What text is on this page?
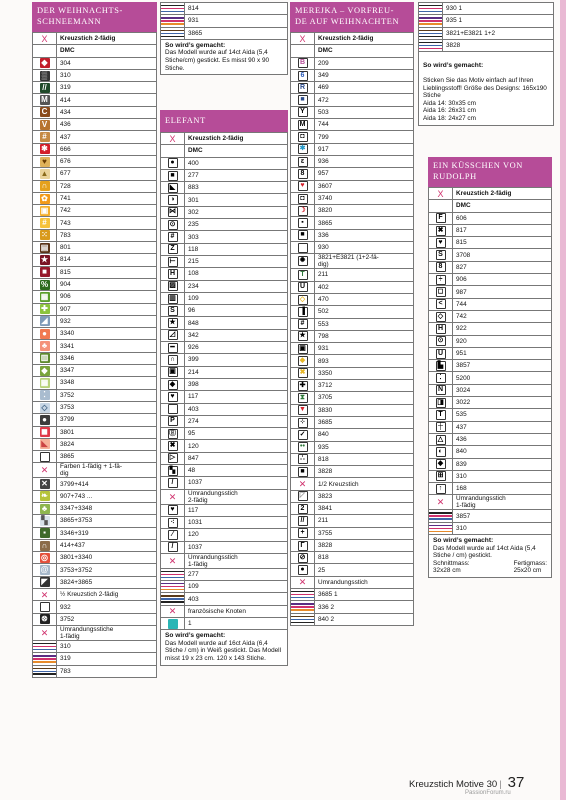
DER WEIHNACHTS-
SCHNEEMANN
X	Kreuzstich 2-fädig
	DMC
◆	304
▒	310
//	319
M	414
C	434
V	436
#	437
✱	666
♥	676
▲	677
∩	728
✿	741
▣	742
#	743
⁙	783
▤	801
★	814
■	815
%	904
▦	906
✚	907
◢	932
●	3340
♣	3341
▥	3346
◆	3347
▦	3348
⁚	3752
◇	3753
●	3799
◼	3801
◣	3824
	3865
✕	Farben 1-fädig + 1-fä-
dig
✕	3799+414
❧	907+743 ...
♣	3347+3348
▚	3865+3753
▪	3346+319
∩	414+437
◎	3801+3340
@	3753+3752
◤	3824+3865
✕	½ Kreuzstich 2-fädig
	932
⊗	3752
✕	Umrandungsstiche
1-fädig

	310

	319

	783
	814

	931

	3865
So wird’s gemacht:
Das Modell wurde auf 14ct Aida (5,4 Stiche/cm) gestickt. Es misst 90 x 90 Stiche.
ELEFANT
X	Kreuzstich 2-fädig
	DMC
●	400
■	277
◣	883
◑	301
⋈	302
⊙	235
#	303
Z	118
⊢	215
H	108
▨	234
▥	109
S	96
★	848
◿	342
━	926
∩	399
▣	214
◆	398
♥	117
	403
P	274
Ⓔ	95
✖	120
▷	847
▚	48
/	1037
✕	Umrandungsstich
2-fädig
♥	117
⁖	1031
⁄	120
/	1037
✕	Umrandungsstich
1-fädig

	277

	109

	403
✕	französische Knoten
●	1
So wird’s gemacht:
Das Modell wurde auf 16ct Aida (6,4 Stiche / cm) in Weiß gestickt. Das Modell misst 19 x 23 cm. 120 x 143 Stiche.
MEREJKA – VORFREU-
DE AUF WEIHNACHTEN
X	Kreuzstich 2-fädig
	DMC
B	209
6	349
R	469
■	472
Y	503
M	744
◘	799
✱	917
ε	936
8	957
♥	3607
◘	3740
☽	3820
▪	3865
■	336
	930
✹	3821+E3821 (1+2-fä-
dig)
T	211
U	402
◇	470
▐	502
#	553
★	798
▣	931
◆	893
✖	3350
✚	3712
⧗	3705
▼	3830
⁘	3685
✓	840
••	935
∴	818
■	3828
✕	1/2 Kreuzstich
◸	3823
2	3841
//	211
+	3755
Γ	3828
⊘	818
●	25
✕	Umrandungsstich

	3685 1

	336 2

	840 2
	930 1

	935 1

	3821+E3821 1+2

	3828

So wird’s gemacht:

Sticken Sie das Motiv einfach auf Ihren Lieblingsstoff! Größe des Designs: 165x190 Stiche
Aida 14: 30x35 cm
Aida 16: 26x31 cm
Aida 18: 24x27 cm

EIN KÜSSCHEN VON
RUDOLPH
X	Kreuzstich 2-fädig
	DMC
F	606
✖	817
♥	815
S	3708
8	827
÷	906
◻	987
<	744
◇	742
H	922
⊙	920
U	951
▙	3857
⁚	5200
N	3024
◨	3022
T	535
┼	437
△	436
◐	840
◆	839
⊞	310
↑	168
✕	Umrandungsstich
1-fädig

	3857

	310
So wird’s gemacht:
Das Modell wurde auf 14ct Aida (5,4 Stiche / cm) gestickt.
Schnittmass:
32x28 cm
Fertigmass:
25x20 cm
Kreuzstich Motive 30 | 37
PassionForum.ru
